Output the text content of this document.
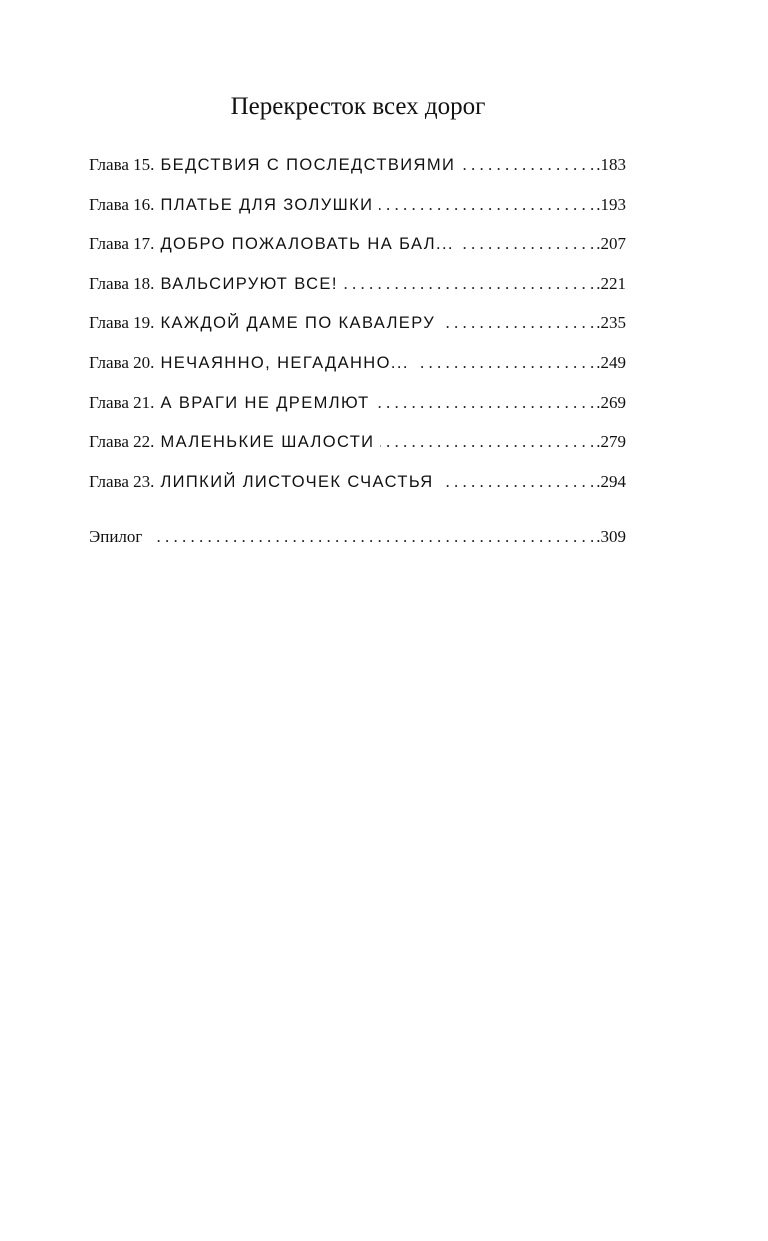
Перекресток всех дорог
Глава 15. БЕДСТВИЯ С ПОСЛЕДСТВИЯМИ . . .	.183
Глава 16. ПЛАТЬЕ ДЛЯ ЗОЛУШКИ . . .	.193
Глава 17. ДОБРО ПОЖАЛОВАТЬ НА БАЛ... . . .	.207
Глава 18. ВАЛЬСИРУЮТ ВСЕ! . . .	.221
Глава 19. КАЖДОЙ ДАМЕ ПО КАВАЛЕРУ . . .	.235
Глава 20. НЕЧАЯННО, НЕГАДАННО... . . .	.249
Глава 21. А ВРАГИ НЕ ДРЕМЛЮТ . . .	.269
Глава 22. МАЛЕНЬКИЕ ШАЛОСТИ . . .	.279
Глава 23. ЛИПКИЙ ЛИСТОЧЕК СЧАСТЬЯ . . .	.294
Эпилог . . .	.309
